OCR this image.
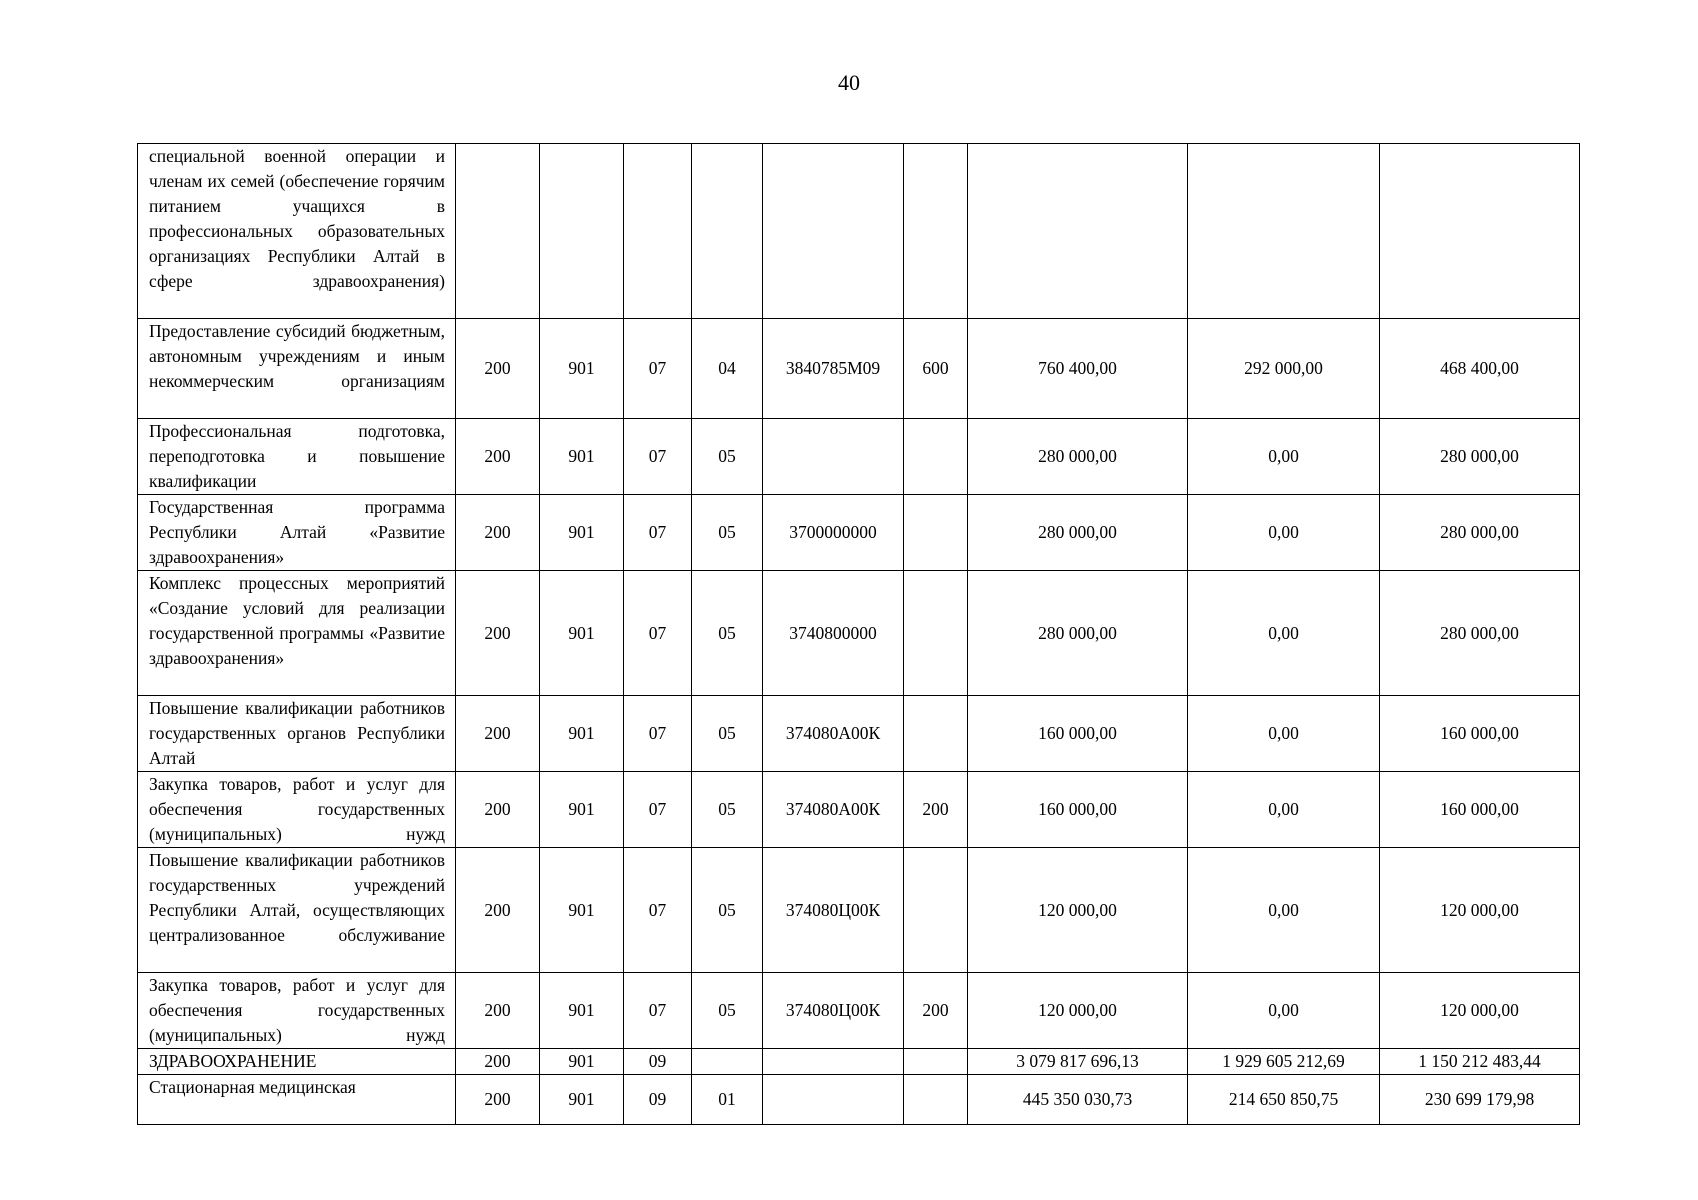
40
специальной военной операции и членам их семей (обеспечение горячим питанием учащихся в профессиональных образовательных организациях Республики Алтай в сфере здравоохранения)									
Предоставление субсидий бюджетным, автономным учреждениям и иным некоммерческим организациям	200	901	07	04	3840785М09	600	760 400,00	292 000,00	468 400,00
Профессиональная подготовка, переподготовка и повышение квалификации	200	901	07	05			280 000,00	0,00	280 000,00
Государственная программа Республики Алтай «Развитие здравоохранения»	200	901	07	05	3700000000		280 000,00	0,00	280 000,00
Комплекс процессных мероприятий «Создание условий для реализации государственной программы «Развитие здравоохранения»	200	901	07	05	3740800000		280 000,00	0,00	280 000,00
Повышение квалификации работников государственных органов Республики Алтай	200	901	07	05	374080А00К		160 000,00	0,00	160 000,00
Закупка товаров, работ и услуг для обеспечения государственных (муниципальных) нужд	200	901	07	05	374080А00К	200	160 000,00	0,00	160 000,00
Повышение квалификации работников государственных учреждений Республики Алтай, осуществляющих централизованное обслуживание	200	901	07	05	374080Ц00К		120 000,00	0,00	120 000,00
Закупка товаров, работ и услуг для обеспечения государственных (муниципальных) нужд	200	901	07	05	374080Ц00К	200	120 000,00	0,00	120 000,00
ЗДРАВООХРАНЕНИЕ	200	901	09				3 079 817 696,13	1 929 605 212,69	1 150 212 483,44
Стационарная медицинская	200	901	09	01			445 350 030,73	214 650 850,75	230 699 179,98
